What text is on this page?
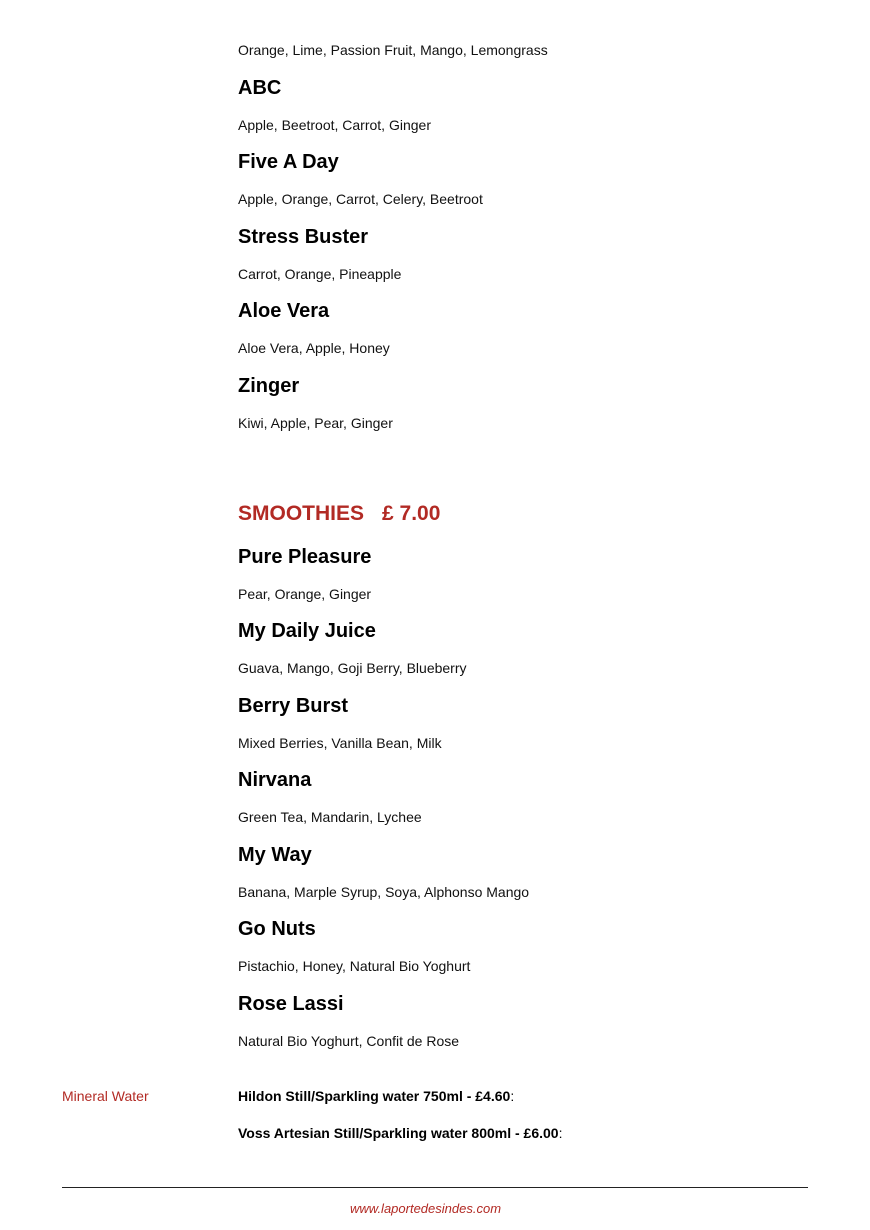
Orange, Lime, Passion Fruit, Mango, Lemongrass

ABC

Apple, Beetroot, Carrot, Ginger

Five A Day

Apple, Orange, Carrot, Celery, Beetroot

Stress Buster

Carrot, Orange, Pineapple

Aloe Vera

Aloe Vera, Apple, Honey

Zinger

Kiwi, Apple, Pear, Ginger

SMOOTHIES £ 7.00
Pure Pleasure

Pear, Orange, Ginger

My Daily Juice

Guava, Mango, Goji Berry, Blueberry

Berry Burst

Mixed Berries, Vanilla Bean, Milk

Nirvana

Green Tea, Mandarin, Lychee

My Way

Banana, Marple Syrup, Soya, Alphonso Mango

Go Nuts

Pistachio, Honey, Natural Bio Yoghurt

Rose Lassi

Natural Bio Yoghurt, Confit de Rose

Mineral Water	Hildon Still/Sparkling water 750ml - £4.60:

Voss Artesian Still/Sparkling water 800ml - £6.00:

www.laportedesindes.com
